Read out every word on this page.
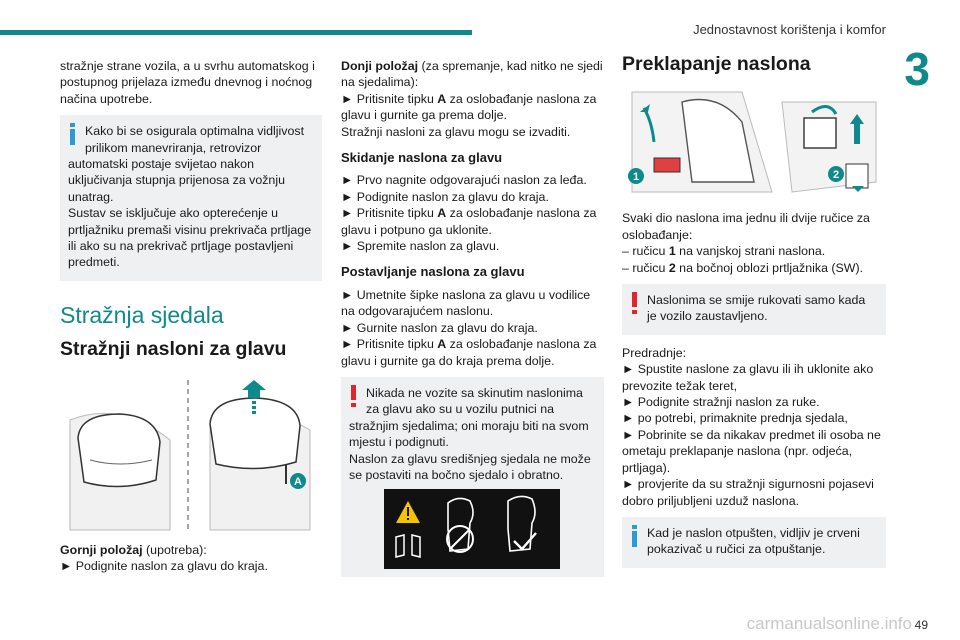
Jednostavnost korištenja i komfor
3

stražnje strane vozila, a u svrhu automatskog i postupnog prijelaza između dnevnog i noćnog načina upotrebe.

Kako bi se osigurala optimalna vidljivost prilikom manevriranja, retrovizor
automatski postaje svijetao nakon uključivanja stupnja prijenosa za vožnju unatrag.
Sustav se isključuje ako opterećenje u prtljažniku premaši visinu prekrivača prtljage ili ako su na prekrivač prtljage postavljeni predmeti.
Stražnja sjedala
Stražnji nasloni za glavu
A

Gornji položaj (upotreba):

► Podignite naslon za glavu do kraja.

Donji položaj (za spremanje, kad nitko ne sjedi na sjedalima):

► Pritisnite tipku A za oslobađanje naslona za glavu i gurnite ga prema dolje.

Stražnji nasloni za glavu mogu se izvaditi.

Skidanje naslona za glavu

► Prvo nagnite odgovarajući naslon za leđa.

► Podignite naslon za glavu do kraja.

► Pritisnite tipku A za oslobađanje naslona za glavu i potpuno ga uklonite.

► Spremite naslon za glavu.

Postavljanje naslona za glavu

► Umetnite šipke naslona za glavu u vodilice na odgovarajućem naslonu.

► Gurnite naslon za glavu do kraja.

► Pritisnite tipku A za oslobađanje naslona za glavu i gurnite ga do kraja prema dolje.

Nikada ne vozite sa skinutim naslonima za glavu ako su u vozilu putnici na
stražnjim sjedalima; oni moraju biti na svom mjestu i podignuti.
Naslon za glavu središnjeg sjedala ne može se postaviti na bočno sjedalo i obratno.
Preklapanje naslona
1	2

Svaki dio naslona ima jednu ili dvije ručice za oslobađanje:

– ručicu 1 na vanjskoj strani naslona.

– ručicu 2 na bočnoj oblozi prtljažnika (SW).

Naslonima se smije rukovati samo kada
je vozilo zaustavljeno.

Predradnje:

► Spustite naslone za glavu ili ih uklonite ako prevozite težak teret,

► Podignite stražnji naslon za ruke.

► po potrebi, primaknite prednja sjedala,

► Pobrinite se da nikakav predmet ili osoba ne ometaju preklapanje naslona (npr. odjeća, prtljaga).

► provjerite da su stražnji sigurnosni pojasevi dobro priljubljeni uzduž naslona.

Kad je naslon otpušten, vidljiv je crveni
pokazivač u ručici za otpuštanje.
carmanualsonline.info 49
